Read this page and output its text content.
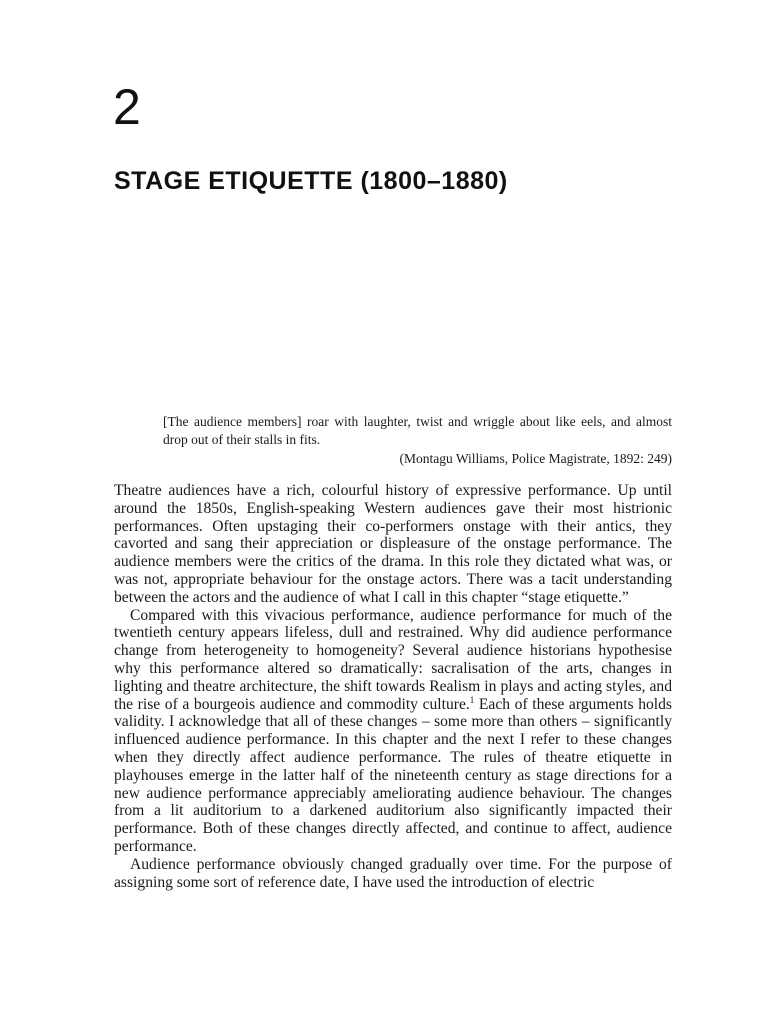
2
STAGE ETIQUETTE (1800–1880)

[The audience members] roar with laughter, twist and wriggle about like eels, and almost drop out of their stalls in fits.

(Montagu Williams, Police Magistrate, 1892: 249)

Theatre audiences have a rich, colourful history of expressive performance. Up until around the 1850s, English-speaking Western audiences gave their most histrionic performances. Often upstaging their co-performers onstage with their antics, they cavorted and sang their appreciation or displeasure of the onstage performance. The audience members were the critics of the drama. In this role they dictated what was, or was not, appropriate behaviour for the onstage actors. There was a tacit understanding between the actors and the audience of what I call in this chapter “stage etiquette.”

Compared with this vivacious performance, audience performance for much of the twentieth century appears lifeless, dull and restrained. Why did audience performance change from heterogeneity to homogeneity? Several audience historians hypothesise why this performance altered so dramatically: sacralisation of the arts, changes in lighting and theatre architecture, the shift towards Realism in plays and acting styles, and the rise of a bourgeois audience and commodity culture.$^1$ Each of these arguments holds validity. I acknowledge that all of these changes – some more than others – significantly influenced audience performance. In this chapter and the next I refer to these changes when they directly affect audience performance. The rules of theatre etiquette in playhouses emerge in the latter half of the nineteenth century as stage directions for a new audience performance appreciably ameliorating audience behaviour. The changes from a lit auditorium to a darkened auditorium also significantly impacted their performance. Both of these changes directly affected, and continue to affect, audience performance.

Audience performance obviously changed gradually over time. For the purpose of assigning some sort of reference date, I have used the introduction of electric
